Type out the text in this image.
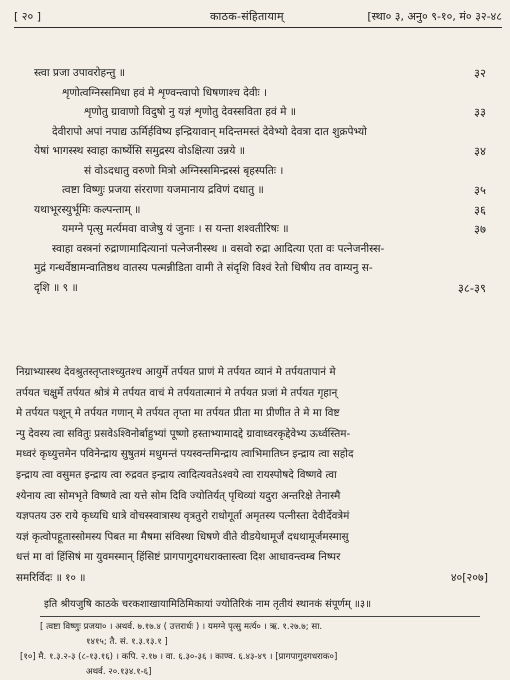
[ २० ]	काठक-संहितायाम्	[स्था० ३, अनु० ९-१०, मं० ३२-४८
स्त्वा प्रजा उपावरोहन्तु ॥	३२
शृणोत्वग्निस्समिधा हवं मे शृण्वन्त्वापो धिषणाश्च देवीः ।
शृणोतु ग्रावाणो विदुषो नु यज्ञं शृणोतु देवस्सविता हवं मे ॥	३३
देवीरापो अपां नपाद्य ऊर्मिर्हविष्य इन्द्रियावान् मदिन्तमस्तं देवेभ्यो देवत्रा दात शुक्रपेभ्यो
येषां भागस्स्थ स्वाहा कार्ष्येसि समुद्रस्य वोऽक्षित्या उन्नये ॥	३४
सं वोऽदधातु वरुणो मित्रो अग्निस्समिन्द्रस्सं बृहस्पतिः ।
त्वष्टा विष्णुः प्रजया संरराणा यजमानाय द्रविणं दधातु ॥	३५
यथाभूरस्युर्भूमिः कल्पन्ताम् ॥	३६
यमग्ने पृत्सु मर्त्यमवा वाजेषु यं जुनाः । स यन्ता शश्वतीरिषः ॥	३७
स्वाहा वस्त्रनां रुद्राणामादित्यानां पत्नेजनीस्स्थ ॥ वसवो रुद्रा आदित्या एता वः पत्नेजनीस्स-
मुद्रं गन्धर्वेष्ठामन्वातिष्ठथ वातस्य पत्मन्नीडिता वामी ते संदृशि विश्वं रेतो धिषीय तव वाम्यनु स-
दृशि ॥ ९ ॥	३८-३९
निग्राभ्यास्स्थ देवश्रुतस्तृप्ताश्च्युतश्च आयुर्मे तर्पयत प्राणं मे तर्पयत व्यानं मे तर्पयतापानं मे
तर्पयत चक्षुर्मे तर्पयत श्रोत्रं मे तर्पयत वाचं मे तर्पयतात्मानं मे तर्पयत प्रजां मे तर्पयत गृहान्
मे तर्पयत पशून् मे तर्पयत गणान् मे तर्पयत तृप्ता मा तर्पयत प्रीता मा प्रीणीत ते मे मा विष्ट
न्पु देवस्य त्वा सवितुः प्रसवेऽश्विनोर्बाहुभ्यां पूष्णो हस्ताभ्यामादद्दे ग्रावाध्वरकृद्देवेभ्य ऊर्ध्वस्तिम-
मध्वरं कृध्युत्तमेन पविनेन्द्राय सुषुतमं मधुमन्तं पयस्वन्तमिन्द्राय त्वाभिमातिघ्न इन्द्राय त्वा सहोद
इन्द्राय त्वा वसुमत इन्द्राय त्वा रुद्रवत इन्द्राय त्वादित्यवतेऽश्वये त्वा रायस्पोषदे विष्णवे त्वा
श्येनाय त्वा सोमभृते विष्णवे त्वा यत्ते सोम दिवि ज्योतिर्यत् पृथिव्यां यदुरा अन्तरिक्षे तेनास्मै
यज्ञपतय उरु राये कृध्यधि धात्रे वोचस्स्वात्रास्थ वृत्रतुरो राधोगूर्ता अमृतस्य पत्नीस्ता देवीर्देवत्रेमं
यज्ञं कृत्वोपहूतास्सोमस्य पिबत मा मैषमा संविस्था धिषणे वीते वीडयेथामूर्जं दधथामूर्जमस्मासु
धत्तं मा वां हिंसिषं मा युवमस्मान् हिंसिष्टं प्रागपागुदगधराक्तास्त्वा दिश आधावन्त्वम्ब निष्पर
समरिर्विदः ॥ १० ॥	४०[२०७]
इति श्रीयजुषि काठके चरकशाखायामिठिमिकायां ज्योतिरिकं नाम तृतीयं स्थानकं संपूर्णम् ॥३॥
[ त्वष्टा विष्णुः प्रजया० । अथर्व. ७.१७.४ ( उत्तरार्धः ) । यमग्ने पृत्सु मर्त्य० । ऋ. १.२७.७; सा.
१४१५; तै. सं. १.३.१३.१ ]
[१०] मै. १.३.२-३ (८-१३.१६) । कपि. २.१७ । वा. ६.३०-३६ । काण्व. ६.४३-४९ । [प्रागपागुदगधराक०]
अथर्व. २०.१३४.१-६]
